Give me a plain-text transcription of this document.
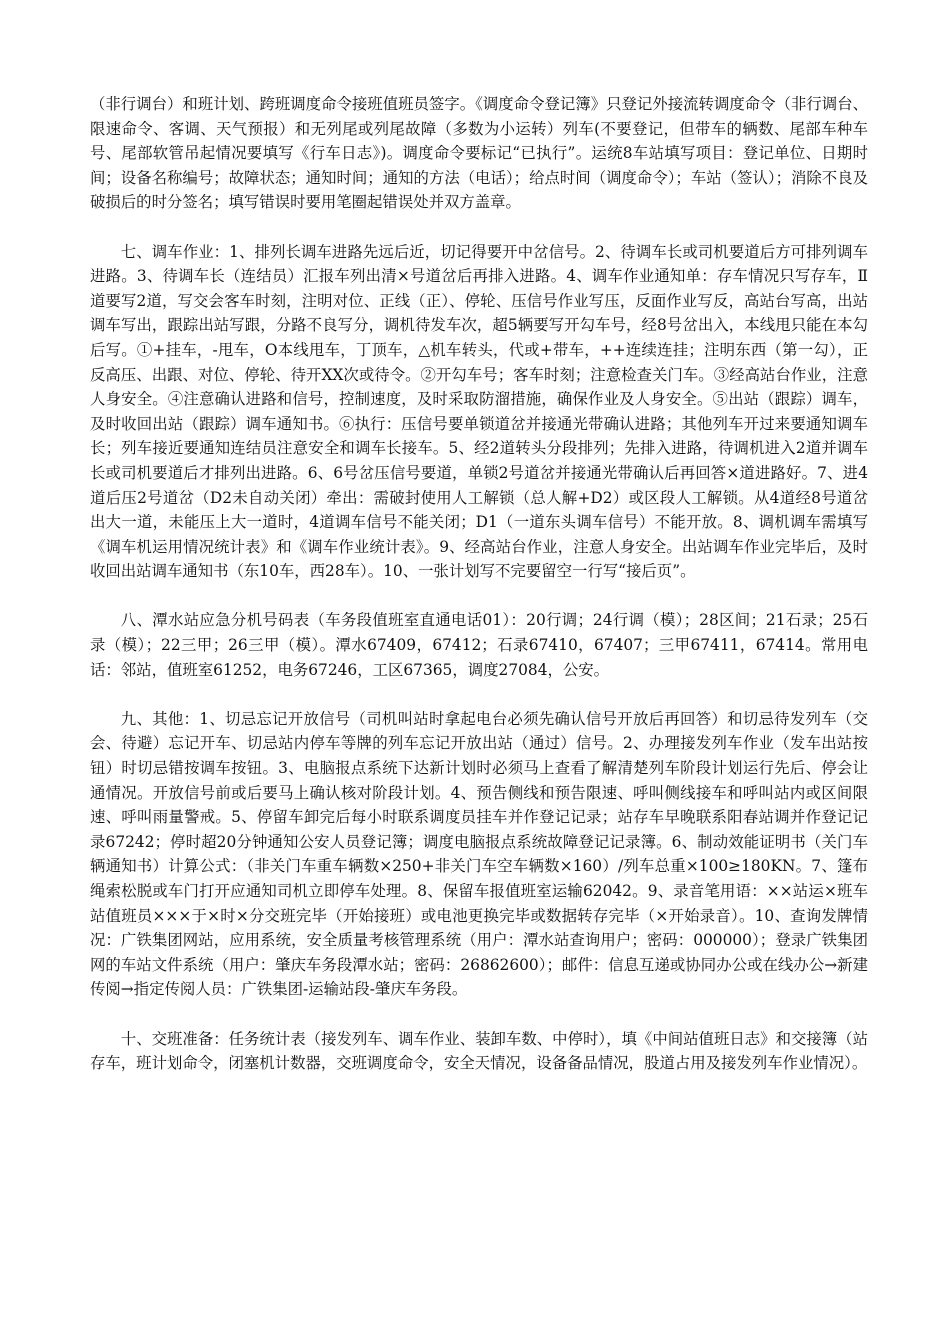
（非行调台）和班计划、跨班调度命令接班值班员签字。《调度命令登记簿》只登记外接流转调度命令（非行调台、限速命令、客调、天气预报）和无列尾或列尾故障（多数为小运转）列车(不要登记，但带车的辆数、尾部车种车号、尾部软管吊起情况要填写《行车日志》)。调度命令要标记“已执行”。运统8车站填写项目：登记单位、日期时间；设备名称编号；故障状态；通知时间；通知的方法（电话）；给点时间（调度命令）；车站（签认）；消除不良及破损后的时分签名；填写错误时要用笔圈起错误处并双方盖章。

七、调车作业：1、排列长调车进路先远后近，切记得要开中岔信号。2、待调车长或司机要道后方可排列调车进路。3、待调车长（连结员）汇报车列出清×号道岔后再排入进路。4、调车作业通知单：存车情况只写存车，Ⅱ道要写2道，写交会客车时刻，注明对位、正线（正）、停轮、压信号作业写压，反面作业写反，高站台写高，出站调车写出，跟踪出站写跟，分路不良写分，调机待发车次，超5辆要写开勾车号，经8号岔出入，本线甩只能在本勾后写。①+挂车，-甩车，O本线甩车，丁顶车，△机车转头，代或+带车，++连续连挂；注明东西（第一勾），正反高压、出跟、对位、停轮、待开XX次或待令。②开勾车号；客车时刻；注意检查关门车。③经高站台作业，注意人身安全。④注意确认进路和信号，控制速度，及时采取防溜措施，确保作业及人身安全。⑤出站（跟踪）调车，及时收回出站（跟踪）调车通知书。⑥执行：压信号要单锁道岔并接通光带确认进路；其他列车开过来要通知调车长；列车接近要通知连结员注意安全和调车长接车。5、经2道转头分段排列；先排入进路，待调机进入2道并调车长或司机要道后才排列出进路。6、6号岔压信号要道，单锁2号道岔并接通光带确认后再回答×道进路好。7、进4道后压2号道岔（D2未自动关闭）牵出：需破封使用人工解锁（总人解+D2）或区段人工解锁。从4道经8号道岔出大一道，未能压上大一道时，4道调车信号不能关闭；D1（一道东头调车信号）不能开放。8、调机调车需填写《调车机运用情况统计表》和《调车作业统计表》。9、经高站台作业，注意人身安全。出站调车作业完毕后，及时收回出站调车通知书（东10车，西28车）。10、一张计划写不完要留空一行写“接后页”。

八、潭水站应急分机号码表（车务段值班室直通电话01）：20行调；24行调（模）；28区间；21石录；25石录（模）；22三甲；26三甲（模）。潭水67409，67412；石录67410，67407；三甲67411，67414。常用电话：邻站，值班室61252，电务67246，工区67365，调度27084，公安。

九、其他：1、切忌忘记开放信号（司机叫站时拿起电台必须先确认信号开放后再回答）和切忌待发列车（交会、待避）忘记开车、切忌站内停车等牌的列车忘记开放出站（通过）信号。2、办理接发列车作业（发车出站按钮）时切忌错按调车按钮。3、电脑报点系统下达新计划时必须马上查看了解清楚列车阶段计划运行先后、停会让通情况。开放信号前或后要马上确认核对阶段计划。4、预告侧线和预告限速、呼叫侧线接车和呼叫站内或区间限速、呼叫雨量警戒。5、停留车卸完后每小时联系调度员挂车并作登记记录；站存车早晚联系阳春站调并作登记记录67242；停时超20分钟通知公安人员登记簿；调度电脑报点系统故障登记记录簿。6、制动效能证明书（关门车辆通知书）计算公式：（非关门车重车辆数×250+非关门车空车辆数×160）/列车总重×100≥180KN。7、篷布绳索松脱或车门打开应通知司机立即停车处理。8、保留车报值班室运输62042。9、录音笔用语：××站运×班车站值班员×××于×时×分交班完毕（开始接班）或电池更换完毕或数据转存完毕（×开始录音）。10、查询发牌情况：广铁集团网站，应用系统，安全质量考核管理系统（用户：潭水站查询用户；密码：000000）；登录广铁集团网的车站文件系统（用户：肇庆车务段潭水站；密码：26862600）；邮件：信息互递或协同办公或在线办公→新建传阅→指定传阅人员：广铁集团-运输站段-肇庆车务段。

十、交班准备：任务统计表（接发列车、调车作业、装卸车数、中停时），填《中间站值班日志》和交接簿（站存车，班计划命令，闭塞机计数器，交班调度命令，安全天情况，设备备品情况，股道占用及接发列车作业情况）。
